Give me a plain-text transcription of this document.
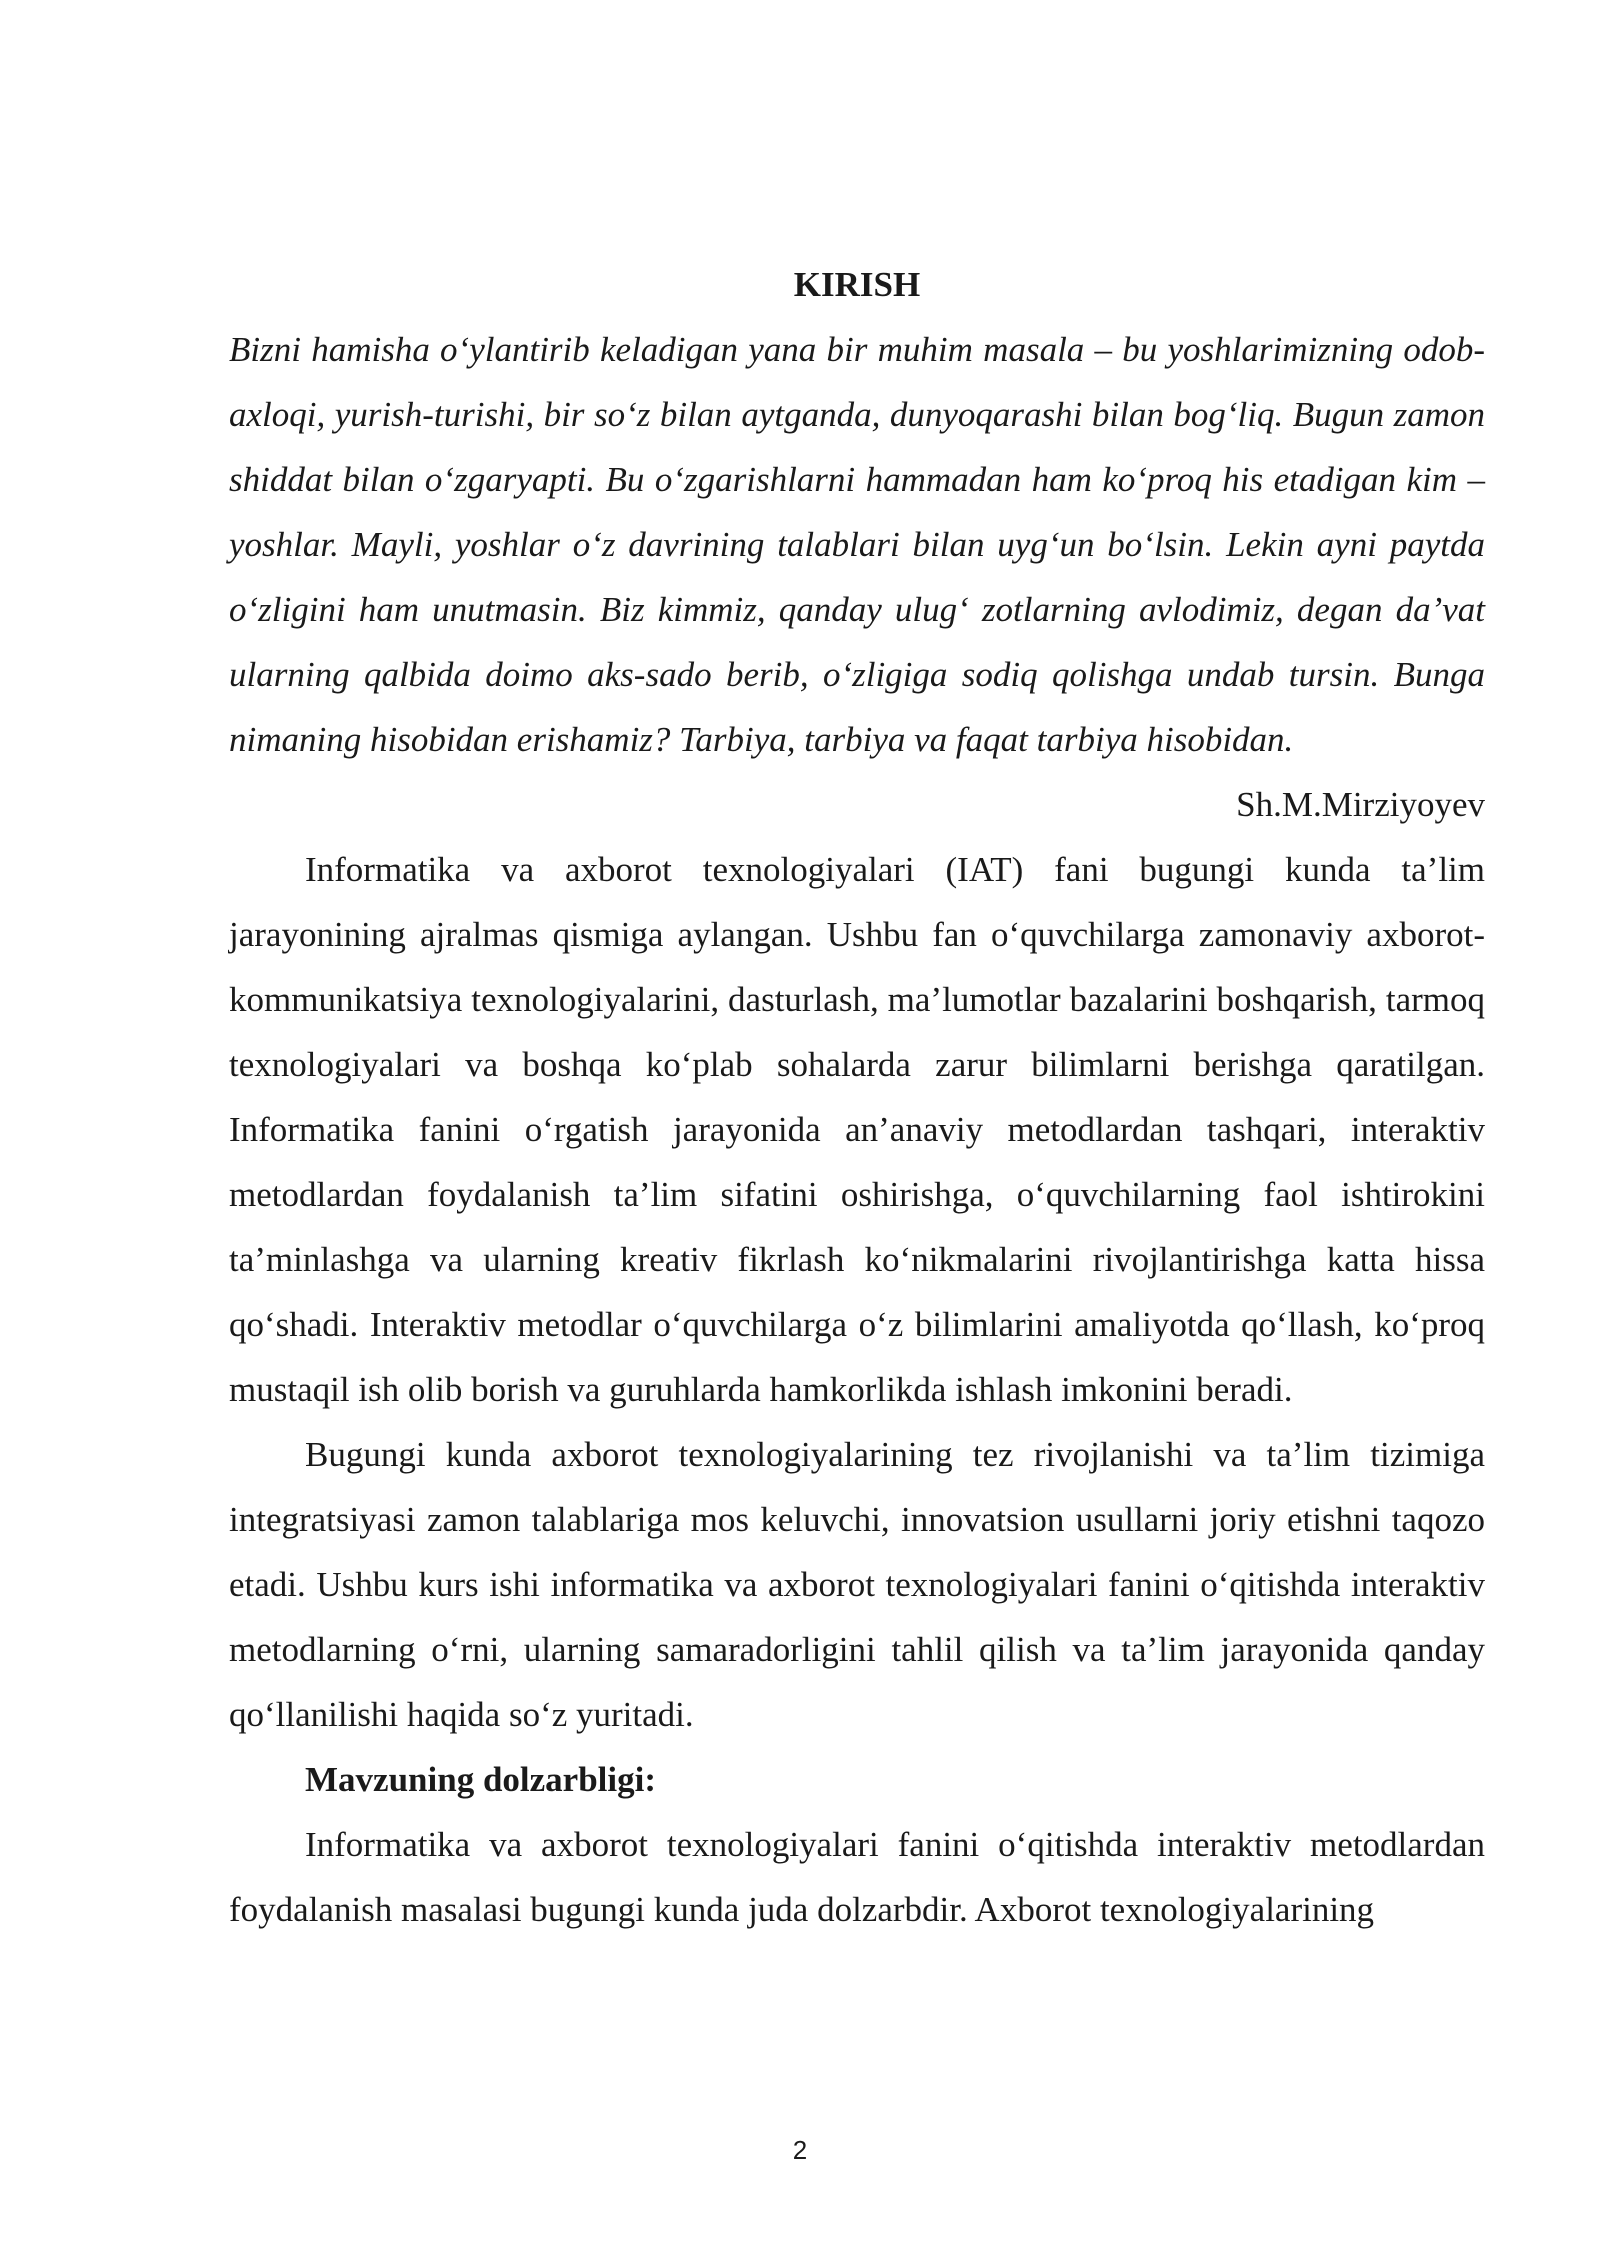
KIRISH

Bizni hamisha o‘ylantirib keladigan yana bir muhim masala – bu yoshlarimizning odob-axloqi, yurish-turishi, bir so‘z bilan aytganda, dunyoqarashi bilan bog‘liq. Bugun zamon shiddat bilan o‘zgaryapti. Bu o‘zgarishlarni hammadan ham ko‘proq his etadigan kim – yoshlar. Mayli, yoshlar o‘z davrining talablari bilan uyg‘un bo‘lsin. Lekin ayni paytda o‘zligini ham unutmasin. Biz kimmiz, qanday ulug‘ zotlarning avlodimiz, degan da’vat ularning qalbida doimo aks-sado berib, o‘zligiga sodiq qolishga undab tursin. Bunga nimaning hisobidan erishamiz? Tarbiya, tarbiya va faqat tarbiya hisobidan.

Sh.M.Mirziyoyev

Informatika va axborot texnologiyalari (IAT) fani bugungi kunda ta’lim jarayonining ajralmas qismiga aylangan. Ushbu fan o‘quvchilarga zamonaviy axborot-kommunikatsiya texnologiyalarini, dasturlash, ma’lumotlar bazalarini boshqarish, tarmoq texnologiyalari va boshqa ko‘plab sohalarda zarur bilimlarni berishga qaratilgan. Informatika fanini o‘rgatish jarayonida an’anaviy metodlardan tashqari, interaktiv metodlardan foydalanish ta’lim sifatini oshirishga, o‘quvchilarning faol ishtirokini ta’minlashga va ularning kreativ fikrlash ko‘nikmalarini rivojlantirishga katta hissa qo‘shadi. Interaktiv metodlar o‘quvchilarga o‘z bilimlarini amaliyotda qo‘llash, ko‘proq mustaqil ish olib borish va guruhlarda hamkorlikda ishlash imkonini beradi.

Bugungi kunda axborot texnologiyalarining tez rivojlanishi va ta’lim tizimiga integratsiyasi zamon talablariga mos keluvchi, innovatsion usullarni joriy etishni taqozo etadi. Ushbu kurs ishi informatika va axborot texnologiyalari fanini o‘qitishda interaktiv metodlarning o‘rni, ularning samaradorligini tahlil qilish va ta’lim jarayonida qanday qo‘llanilishi haqida so‘z yuritadi.

Mavzuning dolzarbligi:

Informatika va axborot texnologiyalari fanini o‘qitishda interaktiv metodlardan foydalanish masalasi bugungi kunda juda dolzarbdir. Axborot texnologiyalarining

2
